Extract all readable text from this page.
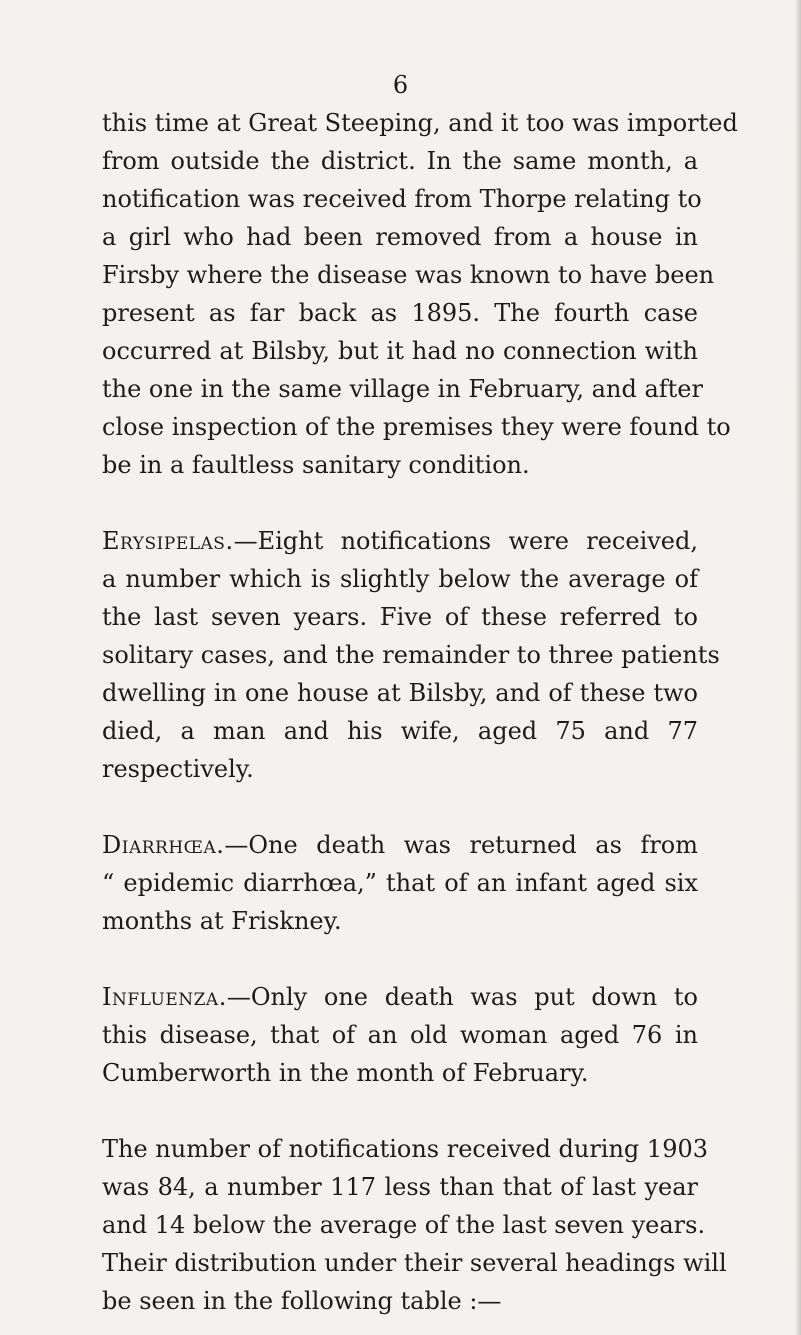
6
this time at Great Steeping, and it too was imported
from outside the district. In the same month, a
notification was received from Thorpe relating to
a girl who had been removed from a house in
Firsby where the disease was known to have been
present as far back as 1895. The fourth case
occurred at Bilsby, but it had no connection with
the one in the same village in February, and after
close inspection of the premises they were found to
be in a faultless sanitary condition.
Erysipelas.—Eight notifications were received,
a number which is slightly below the average of
the last seven years. Five of these referred to
solitary cases, and the remainder to three patients
dwelling in one house at Bilsby, and of these two
died, a man and his wife, aged 75 and 77
respectively.
Diarrhœa.—One death was returned as from
“ epidemic diarrhœa,” that of an infant aged six
months at Friskney.
Influenza.—Only one death was put down to
this disease, that of an old woman aged 76 in
Cumberworth in the month of February.
The number of notifications received during 1903
was 84, a number 117 less than that of last year
and 14 below the average of the last seven years.
Their distribution under their several headings will
be seen in the following table :—
